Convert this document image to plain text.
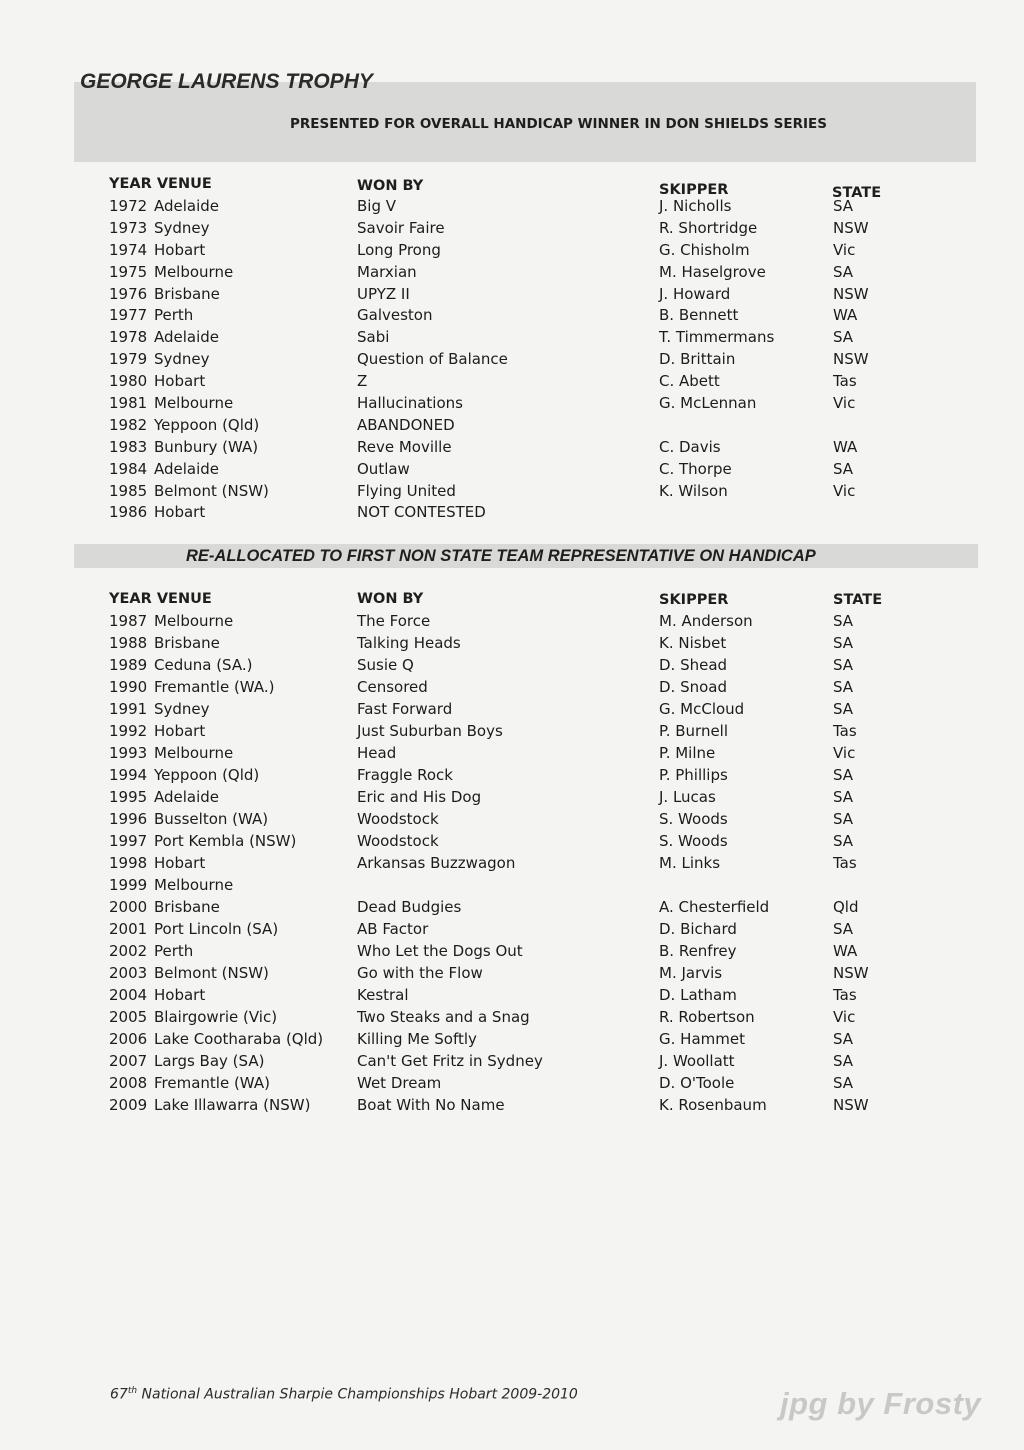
GEORGE LAURENS TROPHY
PRESENTED FOR OVERALL HANDICAP WINNER IN DON SHIELDS SERIES
YEAR VENUE	WON BY	SKIPPER	STATE
1972 Adelaide	Big V	J. Nicholls	SA
1973 Sydney	Savoir Faire	R. Shortridge	NSW
1974 Hobart	Long Prong	G. Chisholm	Vic
1975 Melbourne	Marxian	M. Haselgrove	SA
1976 Brisbane	UPYZ II	J. Howard	NSW
1977 Perth	Galveston	B. Bennett	WA
1978 Adelaide	Sabi	T. Timmermans	SA
1979 Sydney	Question of Balance	D. Brittain	NSW
1980 Hobart	Z	C. Abett	Tas
1981 Melbourne	Hallucinations	G. McLennan	Vic
1982 Yeppoon (Qld)	ABANDONED
1983 Bunbury (WA)	Reve Moville	C. Davis	WA
1984 Adelaide	Outlaw	C. Thorpe	SA
1985 Belmont (NSW)	Flying United	K. Wilson	Vic
1986 Hobart	NOT CONTESTED
RE-ALLOCATED TO FIRST NON STATE TEAM REPRESENTATIVE ON HANDICAP
YEAR VENUE	WON BY	SKIPPER	STATE
1987 Melbourne	The Force	M. Anderson	SA
1988 Brisbane	Talking Heads	K. Nisbet	SA
1989 Ceduna (SA.)	Susie Q	D. Shead	SA
1990 Fremantle (WA.)	Censored	D. Snoad	SA
1991 Sydney	Fast Forward	G. McCloud	SA
1992 Hobart	Just Suburban Boys	P. Burnell	Tas
1993 Melbourne	Head	P. Milne	Vic
1994 Yeppoon (Qld)	Fraggle Rock	P. Phillips	SA
1995 Adelaide	Eric and His Dog	J. Lucas	SA
1996 Busselton (WA)	Woodstock	S. Woods	SA
1997 Port Kembla (NSW)	Woodstock	S. Woods	SA
1998 Hobart	Arkansas Buzzwagon	M. Links	Tas
1999 Melbourne
2000 Brisbane	Dead Budgies	A. Chesterfield	Qld
2001 Port Lincoln (SA)	AB Factor	D. Bichard	SA
2002 Perth	Who Let the Dogs Out	B. Renfrey	WA
2003 Belmont (NSW)	Go with the Flow	M. Jarvis	NSW
2004 Hobart	Kestral	D. Latham	Tas
2005 Blairgowrie (Vic)	Two Steaks and a Snag	R. Robertson	Vic
2006 Lake Cootharaba (Qld) Killing Me Softly	G. Hammet	SA
2007 Largs Bay (SA)	Can't Get Fritz in Sydney	J. Woollatt	SA
2008 Fremantle (WA)	Wet Dream	D. O'Toole	SA
2009 Lake Illawarra (NSW)	Boat With No Name	K. Rosenbaum	NSW
67th National Australian Sharpie Championships Hobart 2009-2010	jpg by Frosty
